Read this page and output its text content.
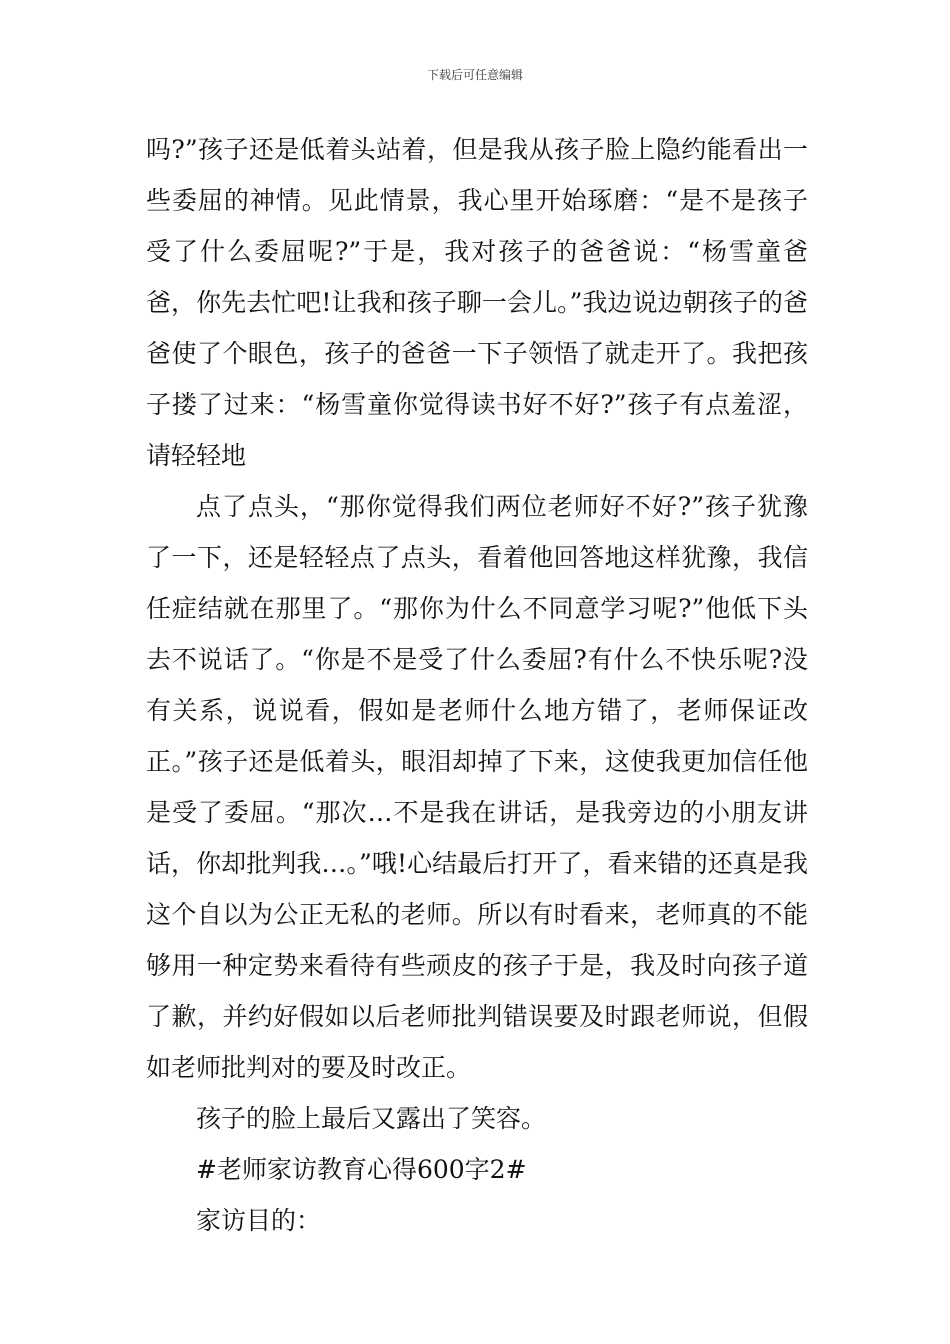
下载后可任意编辑

吗?”孩子还是低着头站着，但是我从孩子脸上隐约能看出一些委屈的神情。见此情景，我心里开始琢磨：“是不是孩子受了什么委屈呢?”于是，我对孩子的爸爸说：“杨雪童爸爸，你先去忙吧!让我和孩子聊一会儿。”我边说边朝孩子的爸爸使了个眼色，孩子的爸爸一下子领悟了就走开了。我把孩子搂了过来：“杨雪童你觉得读书好不好?”孩子有点羞涩，请轻轻地

点了点头，“那你觉得我们两位老师好不好?”孩子犹豫了一下，还是轻轻点了点头，看着他回答地这样犹豫，我信任症结就在那里了。“那你为什么不同意学习呢?”他低下头去不说话了。“你是不是受了什么委屈?有什么不快乐呢?没有关系，说说看，假如是老师什么地方错了，老师保证改正。”孩子还是低着头，眼泪却掉了下来，这使我更加信任他是受了委屈。“那次…不是我在讲话，是我旁边的小朋友讲话，你却批判我…。”哦!心结最后打开了，看来错的还真是我这个自以为公正无私的老师。所以有时看来，老师真的不能够用一种定势来看待有些顽皮的孩子于是，我及时向孩子道了歉，并约好假如以后老师批判错误要及时跟老师说，但假如老师批判对的要及时改正。

孩子的脸上最后又露出了笑容。

#老师家访教育心得600字2#

家访目的：
